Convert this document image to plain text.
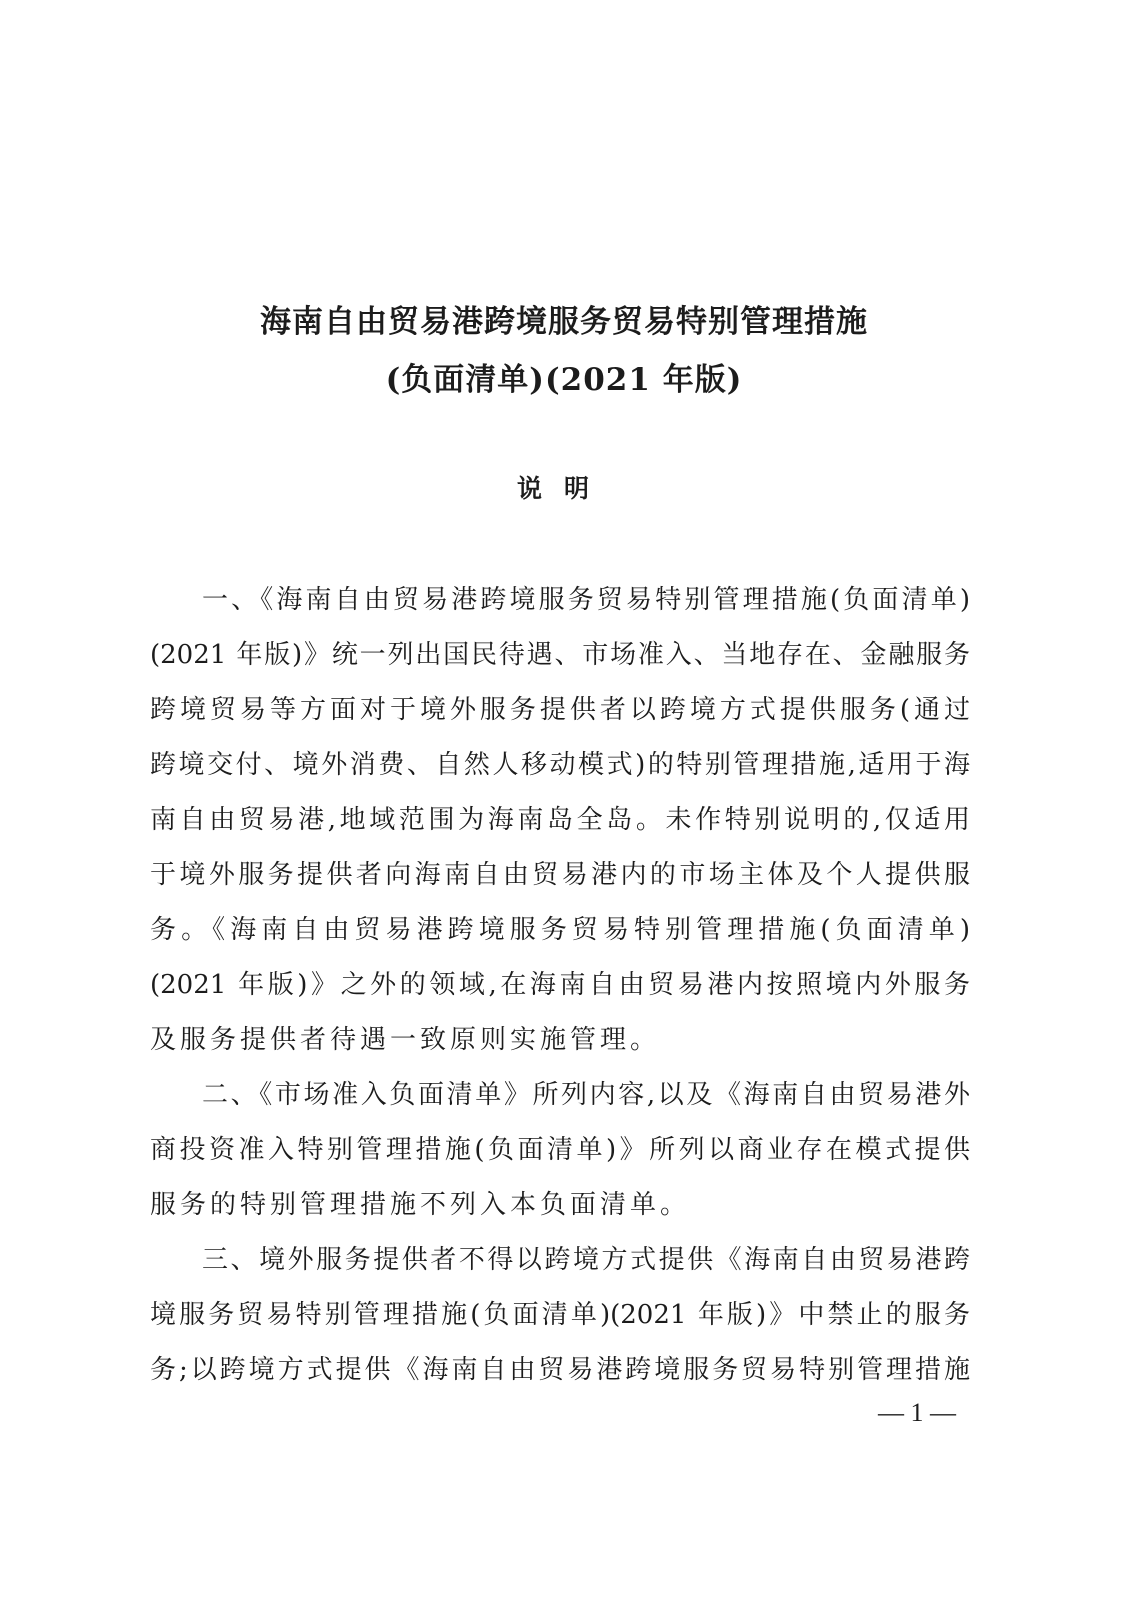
海南自由贸易港跨境服务贸易特别管理措施
(负面清单)(2021 年版)
说明
一、《海南自由贸易港跨境服务贸易特别管理措施(负面清单)
(2021 年版)》统一列出国民待遇、市场准入、当地存在、金融服务
跨境贸易等方面对于境外服务提供者以跨境方式提供服务(通过
跨境交付、境外消费、自然人移动模式)的特别管理措施,适用于海
南自由贸易港,地域范围为海南岛全岛。未作特别说明的,仅适用
于境外服务提供者向海南自由贸易港内的市场主体及个人提供服
务。《海南自由贸易港跨境服务贸易特别管理措施(负面清单)
(2021 年版)》之外的领域,在海南自由贸易港内按照境内外服务
及服务提供者待遇一致原则实施管理。
二、《市场准入负面清单》所列内容,以及《海南自由贸易港外
商投资准入特别管理措施(负面清单)》所列以商业存在模式提供
服务的特别管理措施不列入本负面清单。
三、境外服务提供者不得以跨境方式提供《海南自由贸易港跨
境服务贸易特别管理措施(负面清单)(2021 年版)》中禁止的服务
务;以跨境方式提供《海南自由贸易港跨境服务贸易特别管理措施
— 1 —
